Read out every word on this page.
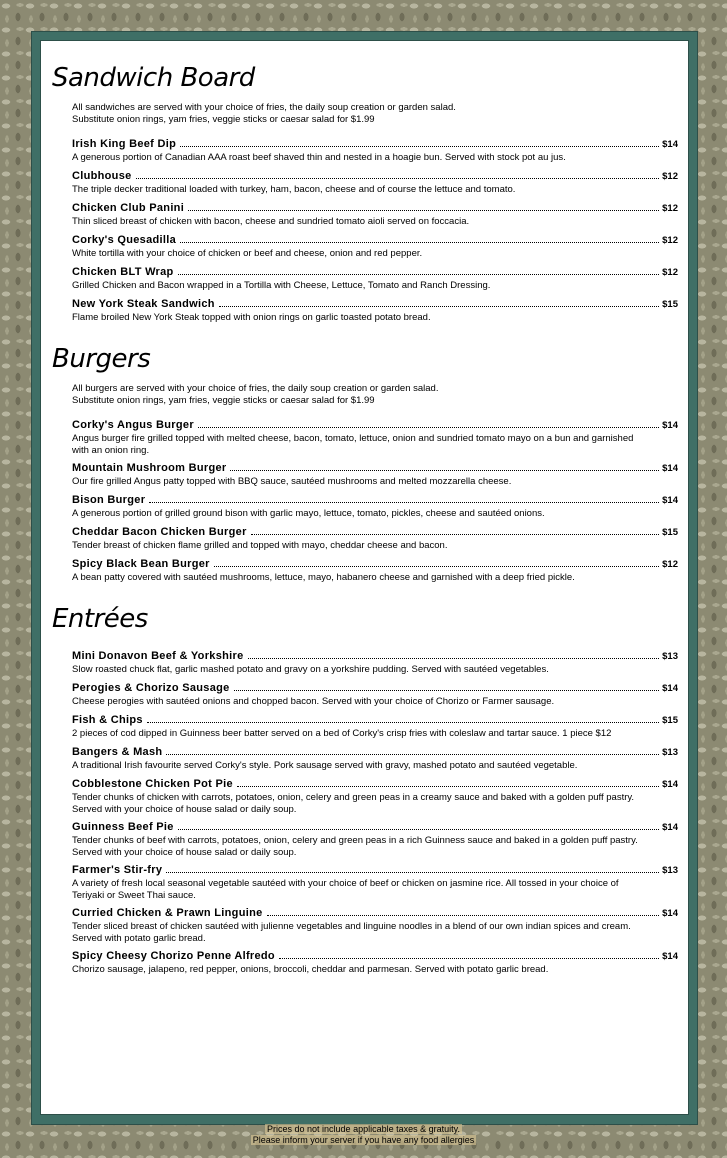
Sandwich Board
All sandwiches are served with your choice of fries, the daily soup creation or garden salad.
Substitute onion rings, yam fries, veggie sticks or caesar salad for $1.99
Irish King Beef Dip	$14
A generous portion of Canadian AAA roast beef shaved thin and nested in a hoagie bun. Served with stock pot au jus.
Clubhouse	$12
The triple decker traditional loaded with turkey, ham, bacon, cheese and of course the lettuce and tomato.
Chicken Club Panini	$12
Thin sliced breast of chicken with bacon, cheese and sundried tomato aioli served on foccacia.
Corky's Quesadilla	$12
White tortilla with your choice of chicken or beef and cheese, onion and red pepper.
Chicken BLT Wrap	$12
Grilled Chicken and Bacon wrapped in a Tortilla with Cheese, Lettuce, Tomato and Ranch Dressing.
New York Steak Sandwich	$15
Flame broiled New York Steak topped with onion rings on garlic toasted potato bread.
Burgers
All burgers are served with your choice of fries, the daily soup creation or garden salad.
Substitute onion rings, yam fries, veggie sticks or caesar salad for $1.99
Corky's Angus Burger	$14
Angus burger fire grilled topped with melted cheese, bacon, tomato, lettuce, onion and sundried tomato mayo on a bun and garnished with an onion ring.
Mountain Mushroom Burger	$14
Our fire grilled Angus patty topped with BBQ sauce, sautéed mushrooms and melted mozzarella cheese.
Bison Burger	$14
A generous portion of grilled ground bison with garlic mayo, lettuce, tomato, pickles, cheese and sautéed onions.
Cheddar Bacon Chicken Burger	$15
Tender breast of chicken flame grilled and topped with mayo, cheddar cheese and bacon.
Spicy Black Bean Burger	$12
A bean patty covered with sautéed mushrooms, lettuce, mayo, habanero cheese and garnished with a deep fried pickle.
Entrées
Mini Donavon Beef & Yorkshire	$13
Slow roasted chuck flat, garlic mashed potato and gravy on a yorkshire pudding. Served with sautéed vegetables.
Perogies & Chorizo Sausage	$14
Cheese perogies with sautéed onions and chopped bacon. Served with your choice of Chorizo or Farmer sausage.
Fish & Chips	$15
2 pieces of cod dipped in Guinness beer batter served on a bed of Corky's crisp fries with coleslaw and tartar sauce. 1 piece $12
Bangers & Mash	$13
A traditional Irish favourite served Corky's style. Pork sausage served with gravy, mashed potato and sautéed vegetable.
Cobblestone Chicken Pot Pie	$14
Tender chunks of chicken with carrots, potatoes, onion, celery and green peas in a creamy sauce and baked with a golden puff pastry. Served with your choice of house salad or daily soup.
Guinness Beef Pie	$14
Tender chunks of beef with carrots, potatoes, onion, celery and green peas in a rich Guinness sauce and baked in a golden puff pastry. Served with your choice of house salad or daily soup.
Farmer's Stir-fry	$13
A variety of fresh local seasonal vegetable sautéed with your choice of beef or chicken on jasmine rice. All tossed in your choice of Teriyaki or Sweet Thai sauce.
Curried Chicken & Prawn Linguine	$14
Tender sliced breast of chicken sautéed with julienne vegetables and linguine noodles in a blend of our own indian spices and cream. Served with potato garlic bread.
Spicy Cheesy Chorizo Penne Alfredo	$14
Chorizo sausage, jalapeno, red pepper, onions, broccoli, cheddar and parmesan. Served with potato garlic bread.
Prices do not include applicable taxes & gratuity.
Please inform your server if you have any food allergies
